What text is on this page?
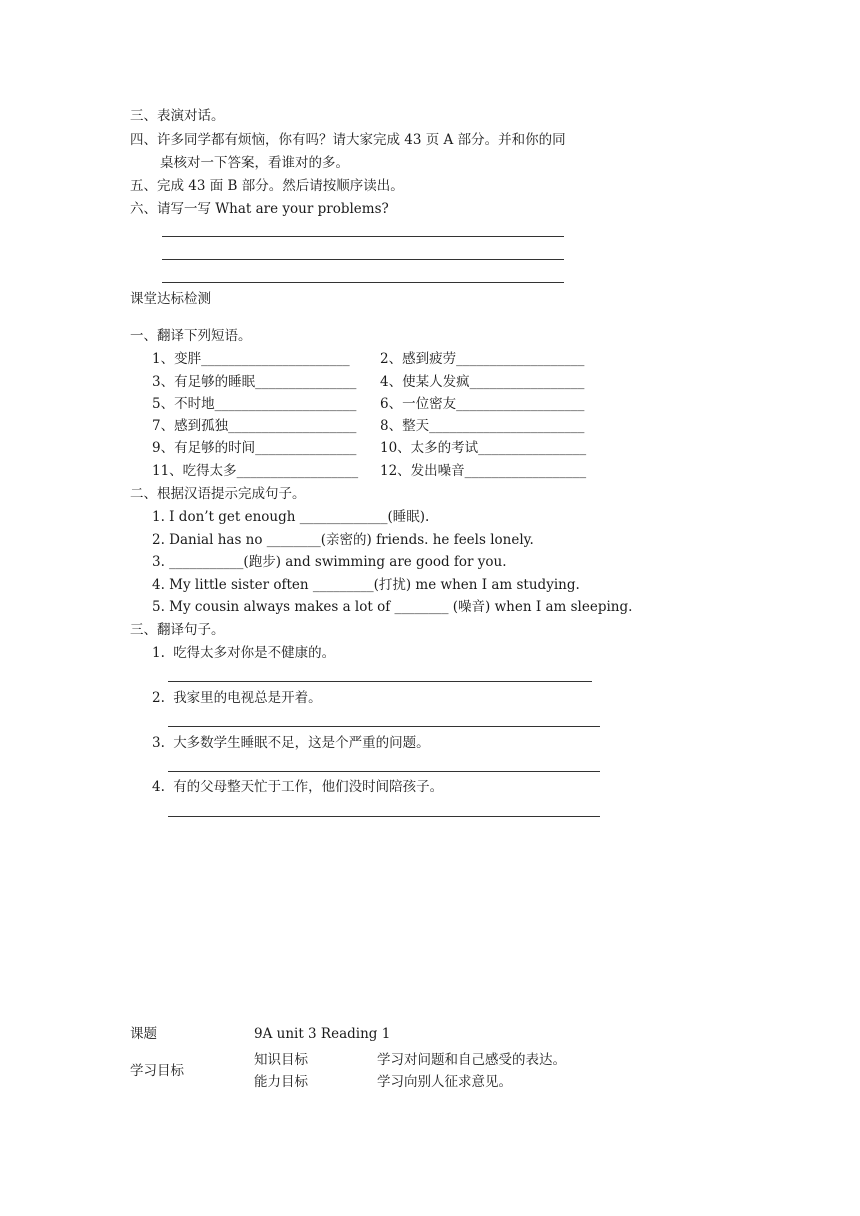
三、表演对话。
四、许多同学都有烦恼，你有吗？请大家完成 43 页 A 部分。并和你的同
桌核对一下答案，看谁对的多。
五、完成 43 面 B 部分。然后请按顺序读出。
六、请写一写 What are your problems?
课堂达标检测
一、翻译下列短语。
1、变胖______________________ 2、感到疲劳___________________
3、有足够的睡眠_______________ 4、使某人发疯_________________
5、不时地_____________________ 6、一位密友___________________
7、感到孤独___________________ 8、整天_______________________
9、有足够的时间_______________ 10、太多的考试________________
11、吃得太多__________________ 12、发出噪音__________________
二、根据汉语提示完成句子。
1. I don’t get enough _____________(睡眠).
2. Danial has no ________(亲密的) friends. he feels lonely.
3. ___________(跑步) and swimming are good for you.
4. My little sister often _________(打扰) me when I am studying.
5. My cousin always makes a lot of ________ (噪音) when I am sleeping.
三、翻译句子。
1. 吃得太多对你是不健康的。
2. 我家里的电视总是开着。
3. 大多数学生睡眠不足，这是个严重的问题。
4. 有的父母整天忙于工作，他们没时间陪孩子。
课题	9A unit 3 Reading 1	

学习目标	知识目标	学习对问题和自己感受的表达。
	能力目标	学习向别人征求意见。
